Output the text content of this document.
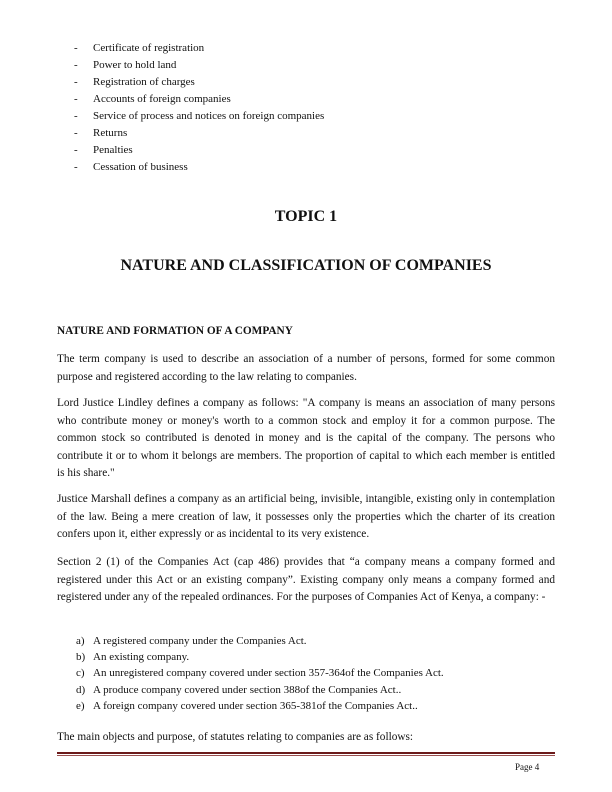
- Certificate of registration
- Power to hold land
- Registration of charges
- Accounts of foreign companies
- Service of process and notices on foreign companies
- Returns
- Penalties
- Cessation of business
TOPIC 1
NATURE AND CLASSIFICATION OF COMPANIES
NATURE AND FORMATION OF A COMPANY

The term company is used to describe an association of a number of persons, formed for some common purpose and registered according to the law relating to companies.

Lord Justice Lindley defines a company as follows: "A company is means an association of many persons who contribute money or money's worth to a common stock and employ it for a common purpose. The common stock so contributed is denoted in money and is the capital of the company. The persons who contribute it or to whom it belongs are members. The proportion of capital to which each member is entitled is his share."

Justice Marshall defines a company as an artificial being, invisible, intangible, existing only in contemplation of the law. Being a mere creation of law, it possesses only the properties which the charter of its creation confers upon it, either expressly or as incidental to its very existence.

Section 2 (1) of the Companies Act (cap 486) provides that “a company means a company formed and registered under this Act or an existing company”. Existing company only means a company formed and registered under any of the repealed ordinances. For the purposes of Companies Act of Kenya, a company: -

a) A registered company under the Companies Act.
b) An existing company.
c) An unregistered company covered under section 357-364of the Companies Act.
d) A produce company covered under section 388of the Companies Act..
e) A foreign company covered under section 365-381of the Companies Act..

The main objects and purpose, of statutes relating to companies are as follows:

Page 4
